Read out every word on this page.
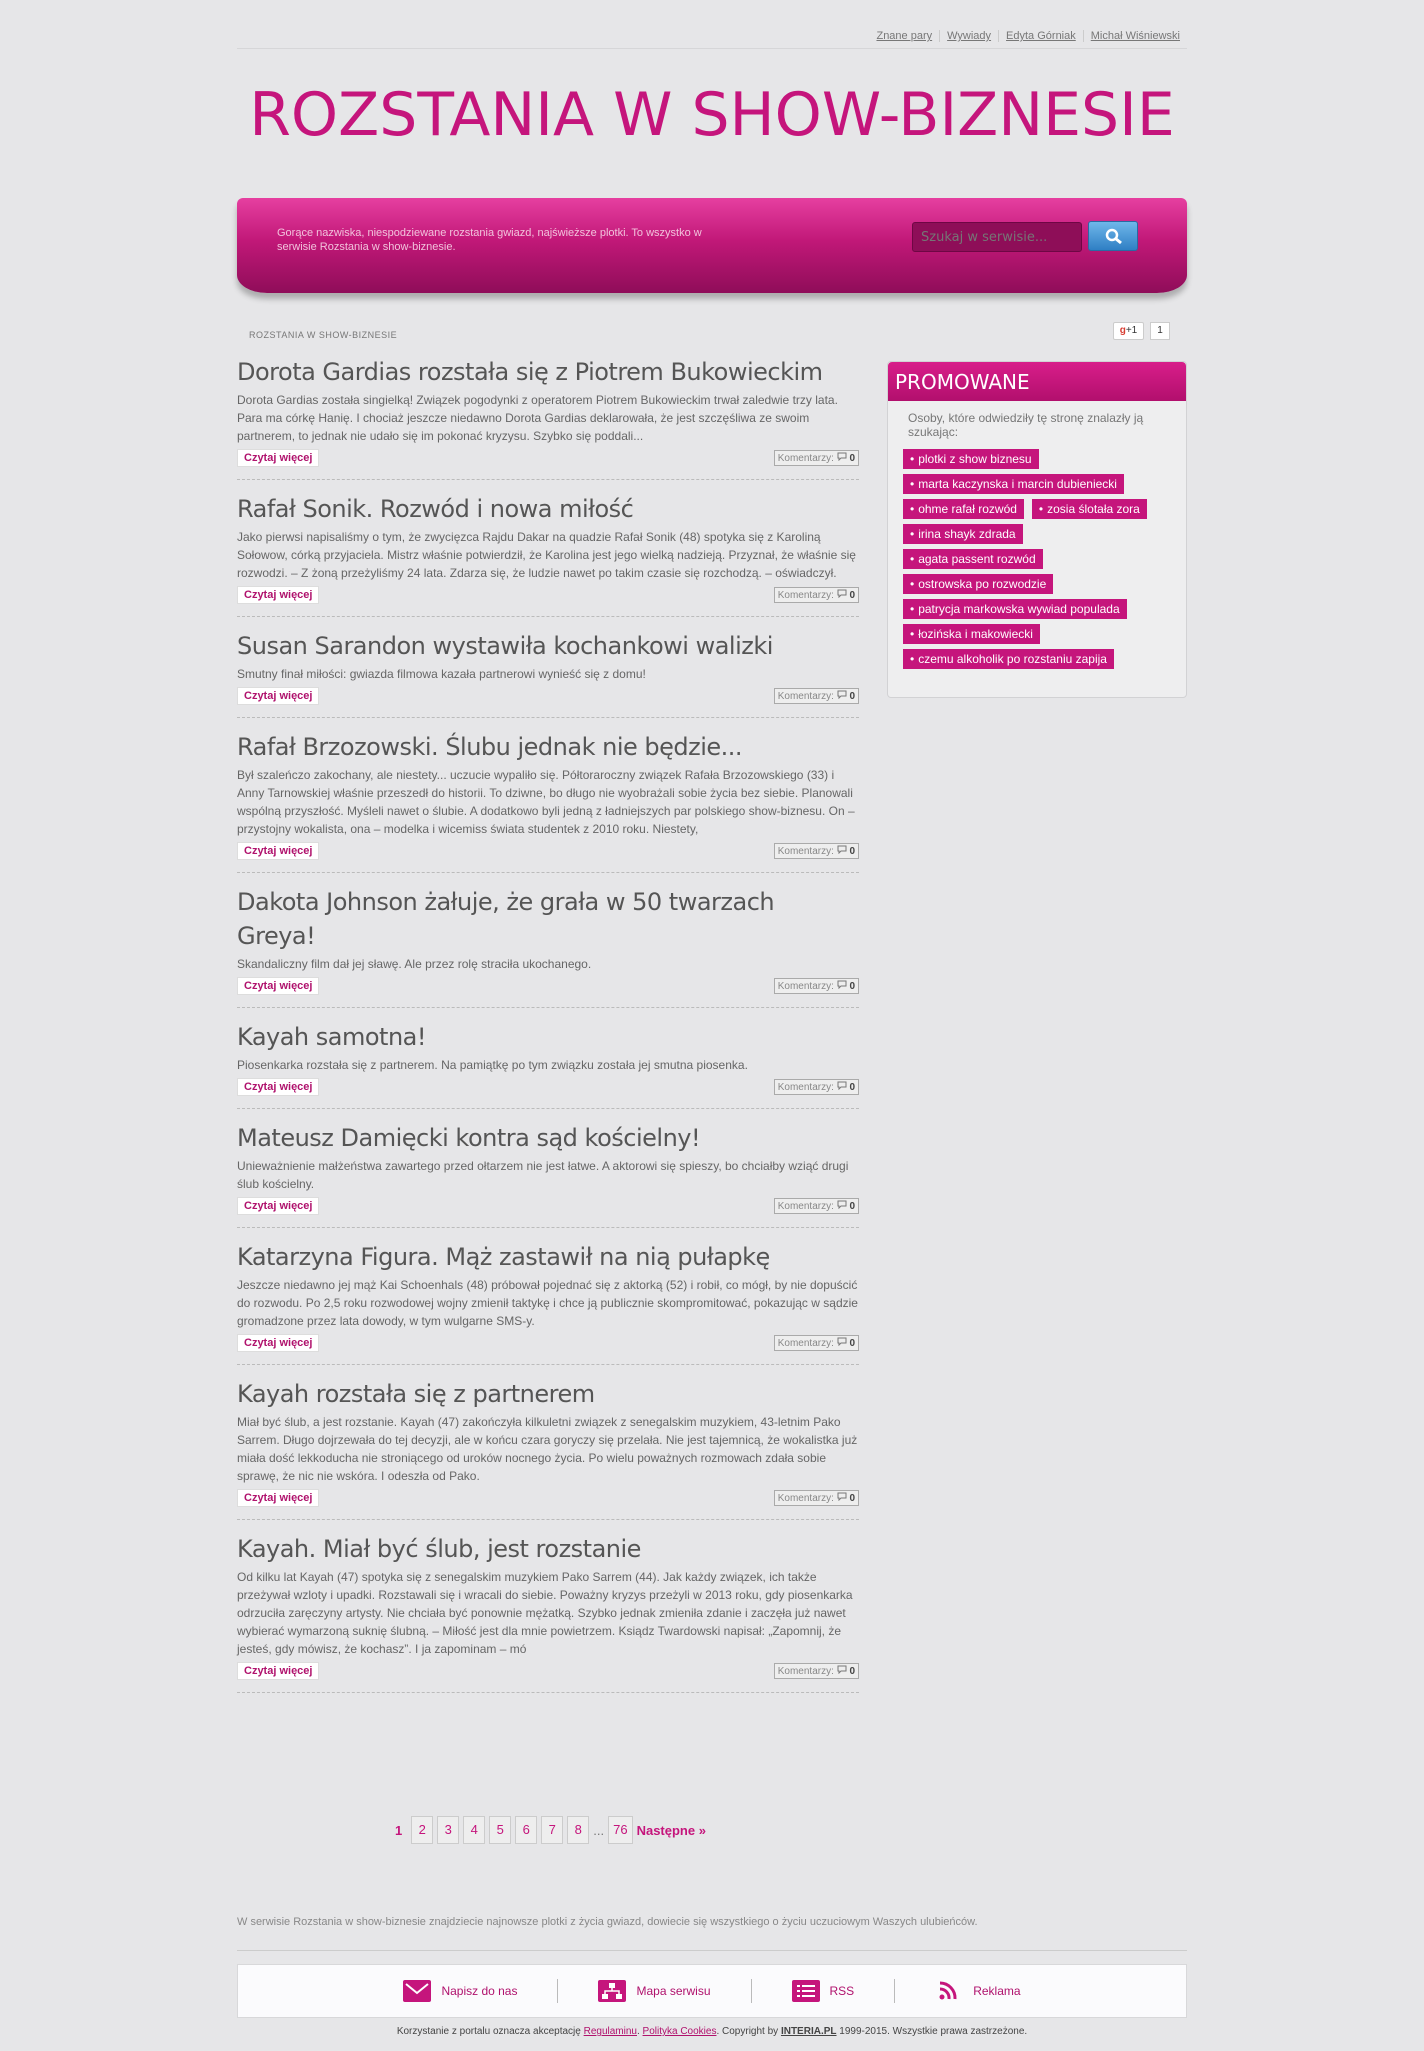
Znane pary	Wywiady	Edyta Górniak	Michał Wiśniewski
ROZSTANIA W SHOW-BIZNESIE
Gorące nazwiska, niespodziewane rozstania gwiazd, najświeższe plotki. To wszystko w serwisie Rozstania w show-biznesie.
Szukaj w serwisie...
ROZSTANIA W SHOW-BIZNESIE	g+1	1
Dorota Gardias rozstała się z Piotrem Bukowieckim

Dorota Gardias została singielką! Związek pogodynki z operatorem Piotrem Bukowieckim trwał zaledwie trzy lata. Para ma córkę Hanię. I chociaż jeszcze niedawno Dorota Gardias deklarowała, że jest szczęśliwa ze swoim partnerem, to jednak nie udało się im pokonać kryzysu. Szybko się poddali...

Czytaj więcej	Komentarzy: 0
Rafał Sonik. Rozwód i nowa miłość

Jako pierwsi napisaliśmy o tym, że zwycięzca Rajdu Dakar na quadzie Rafał Sonik (48) spotyka się z Karoliną Sołowow, córką przyjaciela. Mistrz właśnie potwierdził, że Karolina jest jego wielką nadzieją. Przyznał, że właśnie się rozwodzi. – Z żoną przeżyliśmy 24 lata. Zdarza się, że ludzie nawet po takim czasie się rozchodzą. – oświadczył.

Czytaj więcej	Komentarzy: 0
Susan Sarandon wystawiła kochankowi walizki

Smutny finał miłości: gwiazda filmowa kazała partnerowi wynieść się z domu!

Czytaj więcej	Komentarzy: 0
Rafał Brzozowski. Ślubu jednak nie będzie...

Był szaleńczo zakochany, ale niestety... uczucie wypaliło się. Półtoraroczny związek Rafała Brzozowskiego (33) i Anny Tarnowskiej właśnie przeszedł do historii. To dziwne, bo długo nie wyobrażali sobie życia bez siebie. Planowali wspólną przyszłość. Myśleli nawet o ślubie. A dodatkowo byli jedną z ładniejszych par polskiego show-biznesu. On – przystojny wokalista, ona – modelka i wicemiss świata studentek z 2010 roku. Niestety,

Czytaj więcej	Komentarzy: 0
Dakota Johnson żałuje, że grała w 50 twarzach Greya!

Skandaliczny film dał jej sławę. Ale przez rolę straciła ukochanego.

Czytaj więcej	Komentarzy: 0
Kayah samotna!

Piosenkarka rozstała się z partnerem. Na pamiątkę po tym związku została jej smutna piosenka.

Czytaj więcej	Komentarzy: 0
Mateusz Damięcki kontra sąd kościelny!

Unieważnienie małżeństwa zawartego przed ołtarzem nie jest łatwe. A aktorowi się spieszy, bo chciałby wziąć drugi ślub kościelny.

Czytaj więcej	Komentarzy: 0
Katarzyna Figura. Mąż zastawił na nią pułapkę

Jeszcze niedawno jej mąż Kai Schoenhals (48) próbował pojednać się z aktorką (52) i robił, co mógł, by nie dopuścić do rozwodu. Po 2,5 roku rozwodowej wojny zmienił taktykę i chce ją publicznie skompromitować, pokazując w sądzie gromadzone przez lata dowody, w tym wulgarne SMS-y.

Czytaj więcej	Komentarzy: 0
Kayah rozstała się z partnerem

Miał być ślub, a jest rozstanie. Kayah (47) zakończyła kilkuletni związek z senegalskim muzykiem, 43-letnim Pako Sarrem. Długo dojrzewała do tej decyzji, ale w końcu czara goryczy się przelała. Nie jest tajemnicą, że wokalistka już miała dość lekkoducha nie stroniącego od uroków nocnego życia. Po wielu poważnych rozmowach zdała sobie sprawę, że nic nie wskóra. I odeszła od Pako.

Czytaj więcej	Komentarzy: 0
Kayah. Miał być ślub, jest rozstanie

Od kilku lat Kayah (47) spotyka się z senegalskim muzykiem Pako Sarrem (44). Jak każdy związek, ich także przeżywał wzloty i upadki. Rozstawali się i wracali do siebie. Poważny kryzys przeżyli w 2013 roku, gdy piosenkarka odrzuciła zaręczyny artysty. Nie chciała być ponownie mężatką. Szybko jednak zmieniła zdanie i zaczęła już nawet wybierać wymarzoną suknię ślubną. – Miłość jest dla mnie powietrzem. Ksiądz Twardowski napisał: „Zapomnij, że jesteś, gdy mówisz, że kochasz”. I ja zapominam – mó

Czytaj więcej	Komentarzy: 0
1	2	3	4	5	6	7	8 ... 76 Następne »
PROMOWANE
Osoby, które odwiedziły tę stronę znalazły ją szukając:
• plotki z show biznesu
• marta kaczynska i marcin dubieniecki
• ohme rafał rozwód	• zosia ślotała zora
• irina shayk zdrada
• agata passent rozwód
• ostrowska po rozwodzie
• patrycja markowska wywiad populada
• łozińska i makowiecki
• czemu alkoholik po rozstaniu zapija
W serwisie Rozstania w show-biznesie znajdziecie najnowsze plotki z życia gwiazd, dowiecie się wszystkiego o życiu uczuciowym Waszych ulubieńców.
Napisz do nas	Mapa serwisu	RSS	Reklama
Korzystanie z portalu oznacza akceptację Regulaminu. Polityka Cookies. Copyright by INTERIA.PL 1999-2015. Wszystkie prawa zastrzeżone.
